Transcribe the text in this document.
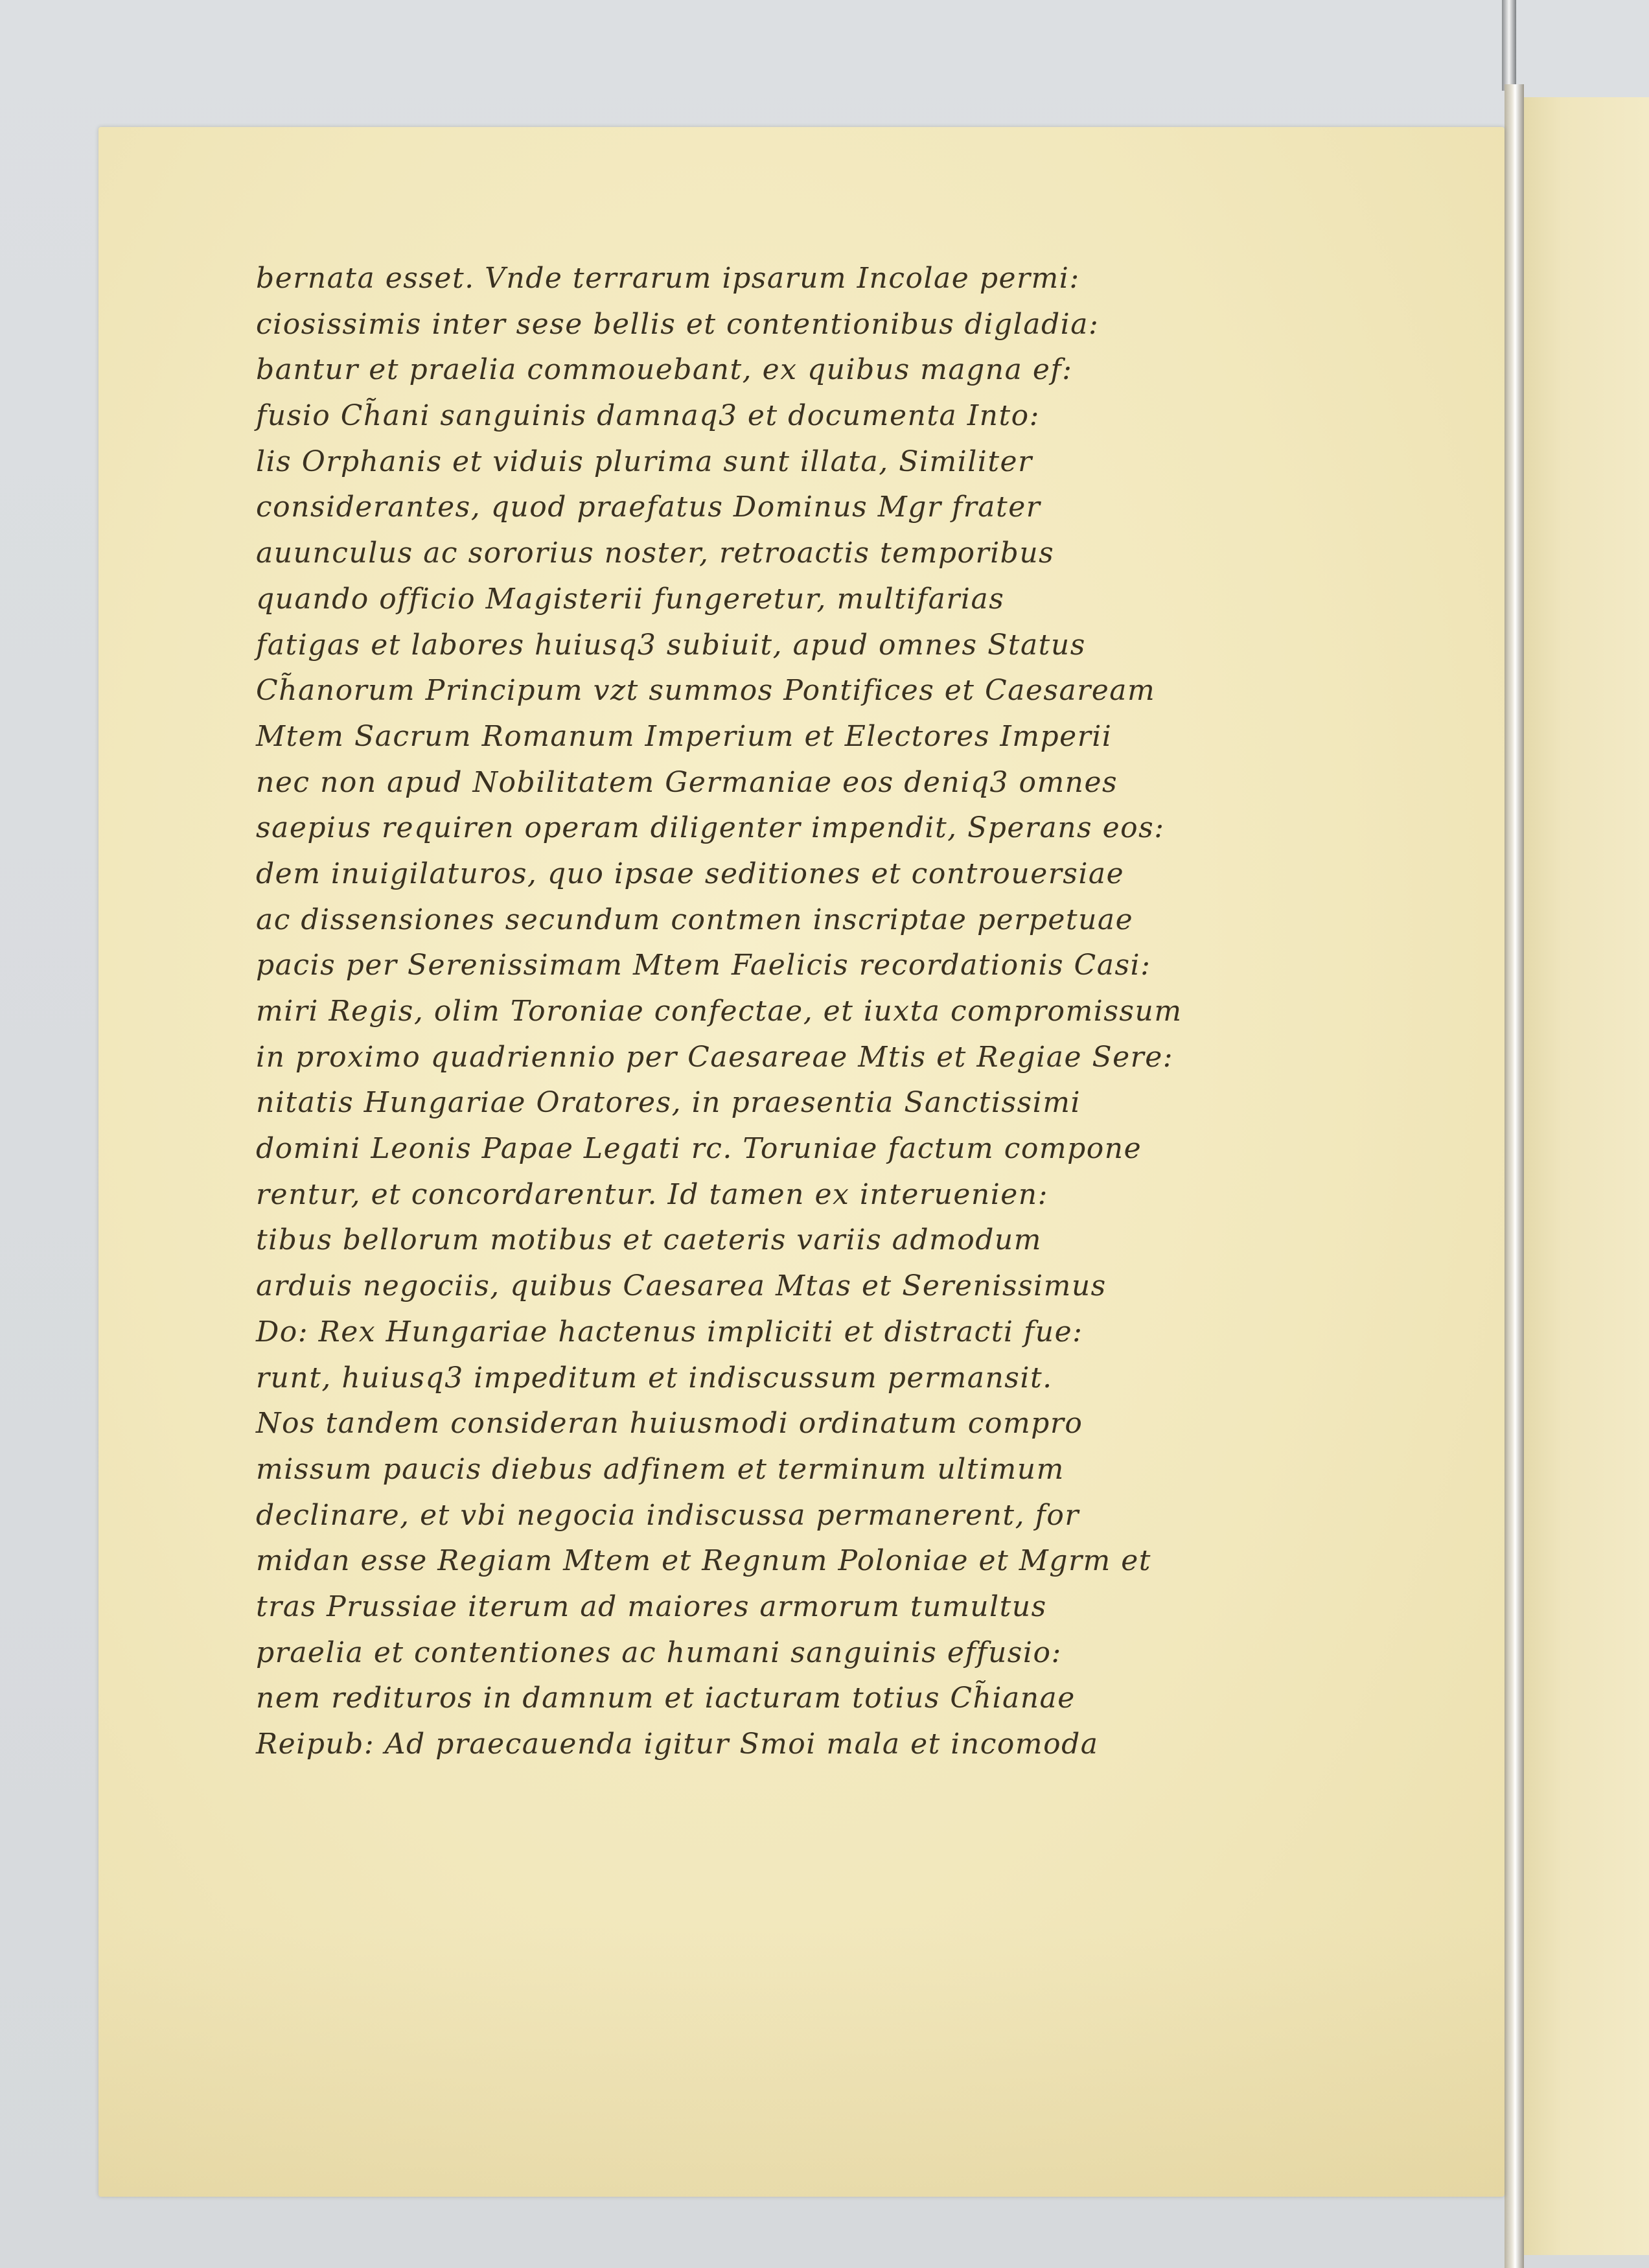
bernata esset. Vnde terrarum ipsarum Incolae permi:
ciosissimis inter sese bellis et contentionibus digladia:
bantur et praelia commouebant, ex quibus magna ef:
fusio Ch̃ani sanguinis damnaq3 et documenta Into:
lis Orphanis et viduis plurima sunt illata, Similiter
considerantes, quod praefatus Dominus Mgr frater
auunculus ac sororius noster, retroactis temporibus
quando officio Magisterii fungeretur, multifarias
fatigas et labores huiusq3 subiuit, apud omnes Status
Ch̃anorum Principum vzt summos Pontifices et Caesaream
Mtem Sacrum Romanum Imperium et Electores Imperii
nec non apud Nobilitatem Germaniae eos deniq3 omnes
saepius requiren operam diligenter impendit, Sperans eos:
dem inuigilaturos, quo ipsae seditiones et controuersiae
ac dissensiones secundum contmen inscriptae perpetuae
pacis per Serenissimam Mtem Faelicis recordationis Casi:
miri Regis, olim Toroniae confectae, et iuxta compromissum
in proximo quadriennio per Caesareae Mtis et Regiae Sere:
nitatis Hungariae Oratores, in praesentia Sanctissimi
domini Leonis Papae Legati rc. Toruniae factum compone
rentur, et concordarentur. Id tamen ex interuenien:
tibus bellorum motibus et caeteris variis admodum
arduis negociis, quibus Caesarea Mtas et Serenissimus
Do: Rex Hungariae hactenus impliciti et distracti fue:
runt, huiusq3 impeditum et indiscussum permansit.
Nos tandem consideran huiusmodi ordinatum compro
missum paucis diebus adfinem et terminum ultimum
declinare, et vbi negocia indiscussa permanerent, for
midan esse Regiam Mtem et Regnum Poloniae et Mgrm et
tras Prussiae iterum ad maiores armorum tumultus
praelia et contentiones ac humani sanguinis effusio:
nem redituros in damnum et iacturam totius Ch̃ianae
Reipub: Ad praecauenda igitur Smoi mala et incomoda
